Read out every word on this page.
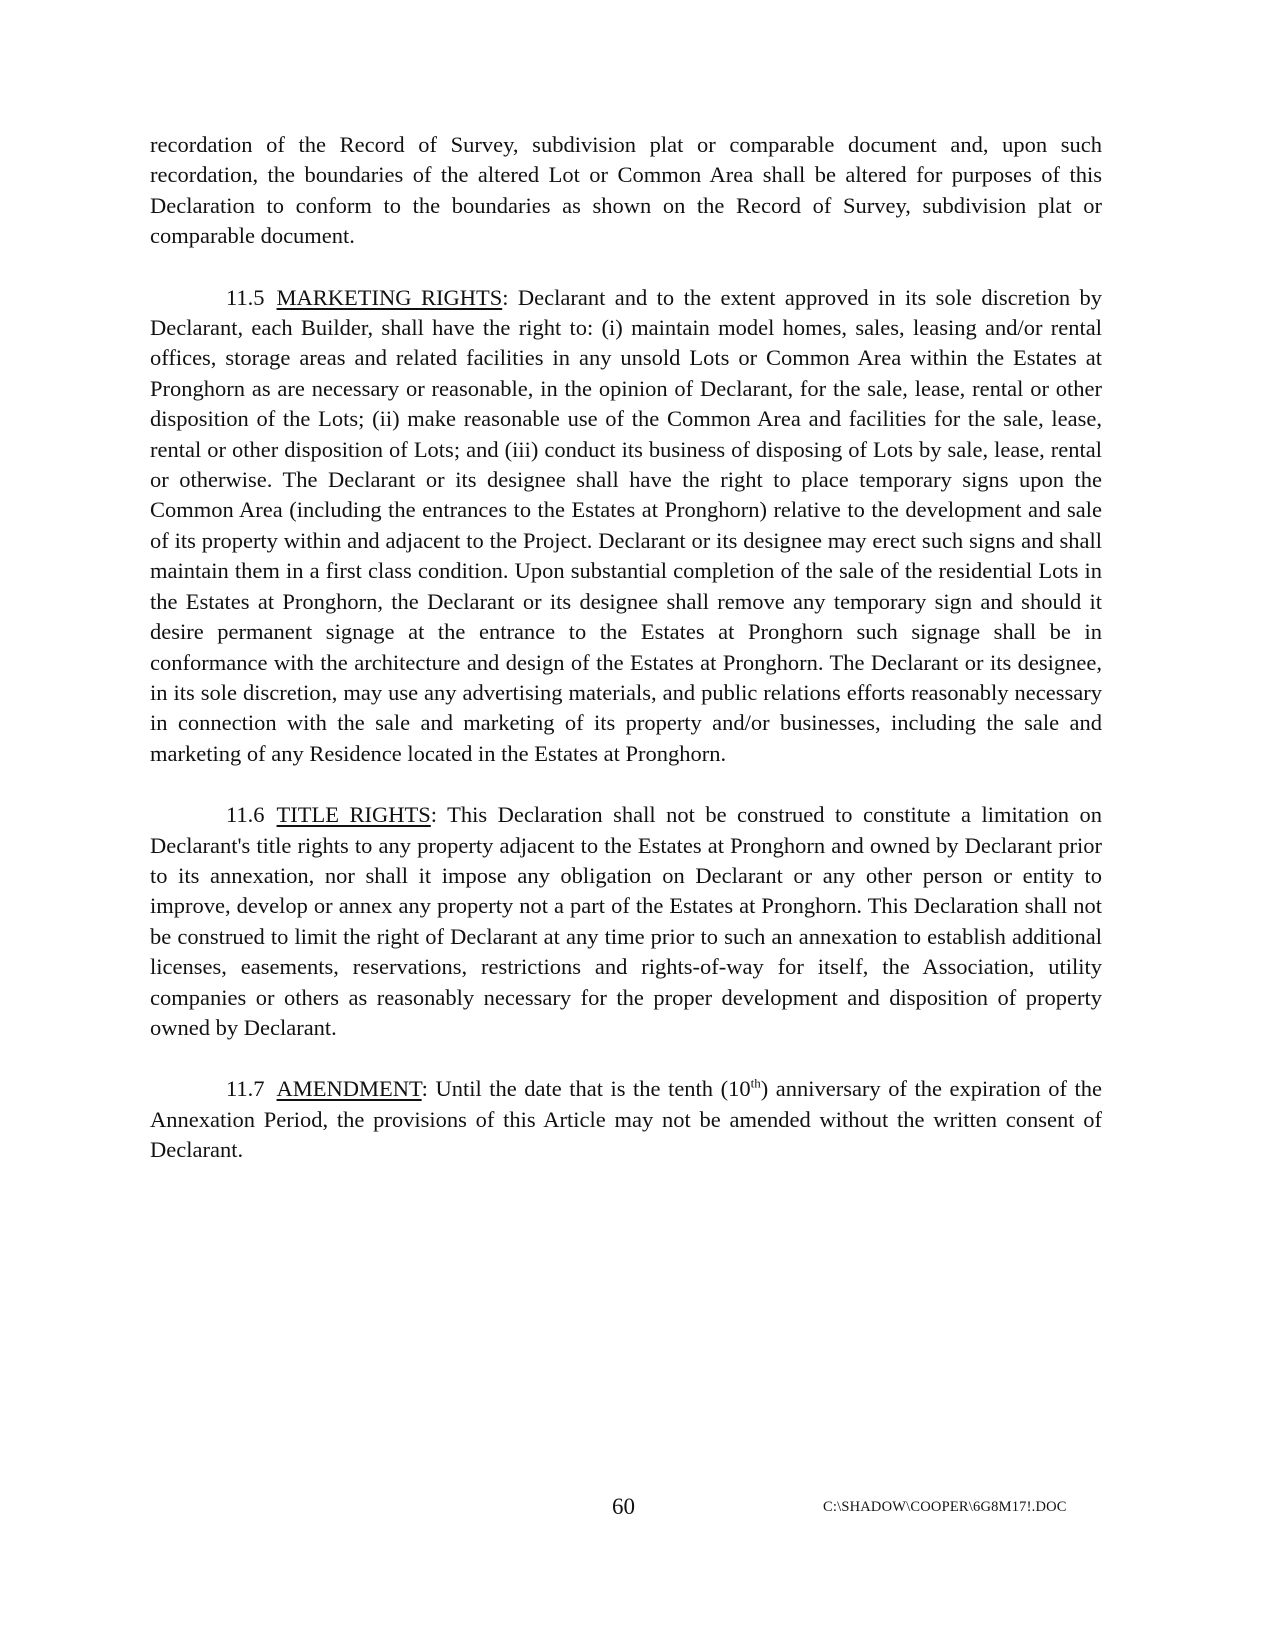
recordation of the Record of Survey, subdivision plat or comparable document and, upon such recordation, the boundaries of the altered Lot or Common Area shall be altered for purposes of this Declaration to conform to the boundaries as shown on the Record of Survey, subdivision plat or comparable document.

11.5 MARKETING RIGHTS: Declarant and to the extent approved in its sole discretion by Declarant, each Builder, shall have the right to: (i) maintain model homes, sales, leasing and/or rental offices, storage areas and related facilities in any unsold Lots or Common Area within the Estates at Pronghorn as are necessary or reasonable, in the opinion of Declarant, for the sale, lease, rental or other disposition of the Lots; (ii) make reasonable use of the Common Area and facilities for the sale, lease, rental or other disposition of Lots; and (iii) conduct its business of disposing of Lots by sale, lease, rental or otherwise. The Declarant or its designee shall have the right to place temporary signs upon the Common Area (including the entrances to the Estates at Pronghorn) relative to the development and sale of its property within and adjacent to the Project. Declarant or its designee may erect such signs and shall maintain them in a first class condition. Upon substantial completion of the sale of the residential Lots in the Estates at Pronghorn, the Declarant or its designee shall remove any temporary sign and should it desire permanent signage at the entrance to the Estates at Pronghorn such signage shall be in conformance with the architecture and design of the Estates at Pronghorn. The Declarant or its designee, in its sole discretion, may use any advertising materials, and public relations efforts reasonably necessary in connection with the sale and marketing of its property and/or businesses, including the sale and marketing of any Residence located in the Estates at Pronghorn.

11.6 TITLE RIGHTS: This Declaration shall not be construed to constitute a limitation on Declarant's title rights to any property adjacent to the Estates at Pronghorn and owned by Declarant prior to its annexation, nor shall it impose any obligation on Declarant or any other person or entity to improve, develop or annex any property not a part of the Estates at Pronghorn. This Declaration shall not be construed to limit the right of Declarant at any time prior to such an annexation to establish additional licenses, easements, reservations, restrictions and rights-of-way for itself, the Association, utility companies or others as reasonably necessary for the proper development and disposition of property owned by Declarant.

11.7 AMENDMENT: Until the date that is the tenth (10th) anniversary of the expiration of the Annexation Period, the provisions of this Article may not be amended without the written consent of Declarant.

60	C:\SHADOW\COOPER\6G8M17!.DOC
